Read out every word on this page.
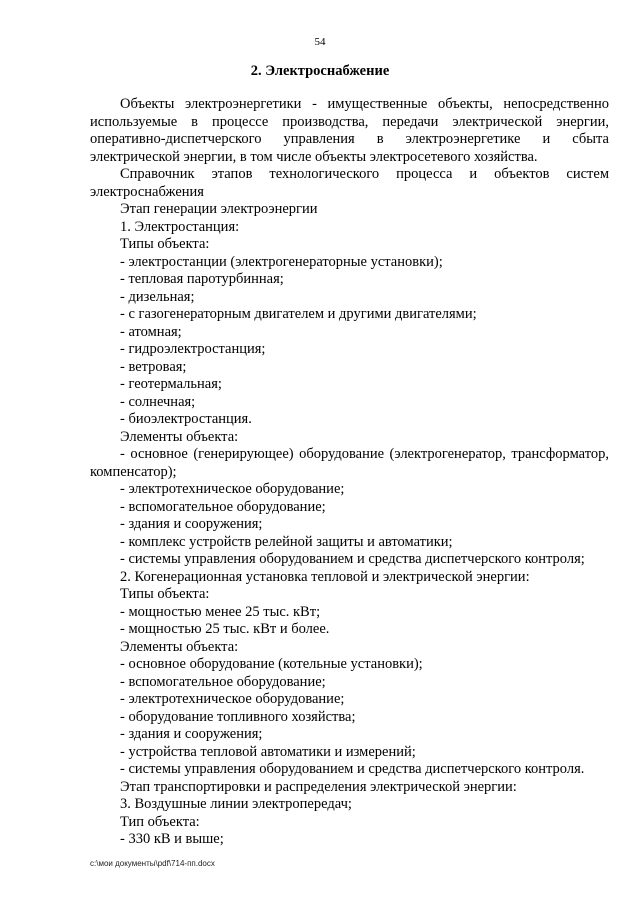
54
2. Электроснабжение
Объекты электроэнергетики - имущественные объекты, непосредственно
используемые в процессе производства, передачи электрической энергии,
оперативно-диспетчерского управления в электроэнергетике и сбыта
электрической энергии, в том числе объекты электросетевого хозяйства.
Справочник этапов технологического процесса и объектов систем
электроснабжения
Этап генерации электроэнергии
1. Электростанция:
Типы объекта:
- электростанции (электрогенераторные установки);
- тепловая паротурбинная;
- дизельная;
- с газогенераторным двигателем и другими двигателями;
- атомная;
- гидроэлектростанция;
- ветровая;
- геотермальная;
- солнечная;
- биоэлектростанция.
Элементы объекта:
- основное (генерирующее) оборудование (электрогенератор, трансформатор,
компенсатор);
- электротехническое оборудование;
- вспомогательное оборудование;
- здания и сооружения;
- комплекс устройств релейной защиты и автоматики;
- системы управления оборудованием и средства диспетчерского контроля;
2. Когенерационная установка тепловой и электрической энергии:
Типы объекта:
- мощностью менее 25 тыс. кВт;
- мощностью 25 тыс. кВт и более.
Элементы объекта:
- основное оборудование (котельные установки);
- вспомогательное оборудование;
- электротехническое оборудование;
- оборудование топливного хозяйства;
- здания и сооружения;
- устройства тепловой автоматики и измерений;
- системы управления оборудованием и средства диспетчерского контроля.
Этап транспортировки и распределения электрической энергии:
3. Воздушные линии электропередач;
Тип объекта:
- 330 кВ и выше;
c:\мои документы\pdf\714-пп.docx
